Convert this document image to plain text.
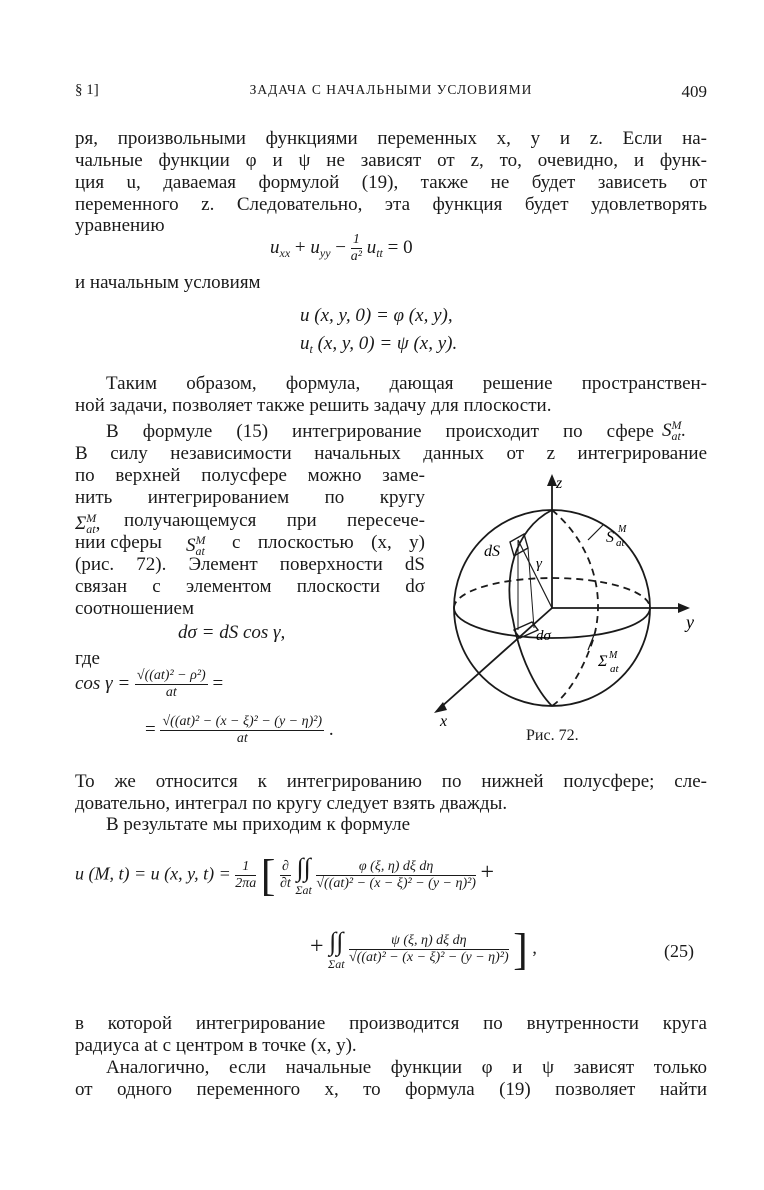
§ 1]	ЗАДАЧА С НАЧАЛЬНЫМИ УСЛОВИЯМИ	409
ря, произвольными функциями переменных x, y и z. Если на-
чальные функции φ и ψ не зависят от z, то, очевидно, и функ-
ция u, даваемая формулой (19), также не будет зависеть от
переменного z. Следовательно, эта функция будет удовлетворять
уравнению
$u_{xx} + u_{yy} - \frac{1}{\text{a²}} u_{tt} = 0$
и начальным условиям
u (x, y, 0) = φ (x, y),
$u_t$ (x, y, 0) = ψ (x, y).
Таким образом, формула, дающая решение пространствен-
ной задачи, позволяет также решить задачу для плоскости.
В формуле (15) интегрирование происходит по сфере $S^M_{at}$.
В силу независимости начальных данных от z интегрирование
по верхней полусфере можно заме-
нить интегрированием по кругу
$\Sigma^M_{at}$, получающемуся при пересече-
нии сферы $S^M_{at}$ с плоскостью (x, y)
(рис. 72). Элемент поверхности dS
связан с элементом плоскости dσ
соотношением
dσ = dS cos γ,
где
$\cos \gamma = \frac{\text{√((at)² − ρ²)}}{at}$ =
= $\frac{\text{√((at)² − (x − ξ)² − (y − η)²)}}{at}$ .
z
y
x
dS
γ
dσ
S M
at
Σ M
at
Рис. 72.
То же относится к интегрированию по нижней полусфере; сле-
довательно, интеграл по кругу следует взять дважды.
В результате мы приходим к формуле
u (M, t) = u (x, y, $t) = \frac{1}{2\pi a}$ [ $\frac{\partial}{\partial t}$
∫∫
Σat
$\frac{\text{φ (ξ, η) dξ dη}}{\text{√((at)² − (x − ξ)² − (y − η)²)}}$ +
+ ∫∫
Σat
$\frac{\text{ψ (ξ, η) dξ dη}}{\text{√((at)² − (x − ξ)² − (y − η)²)}}$ ] ,	(25)
в которой интегрирование производится по внутренности круга
радиуса at с центром в точке (x, y).
Аналогично, если начальные функции φ и ψ зависят только
от одного переменного x, то формула (19) позволяет найти
